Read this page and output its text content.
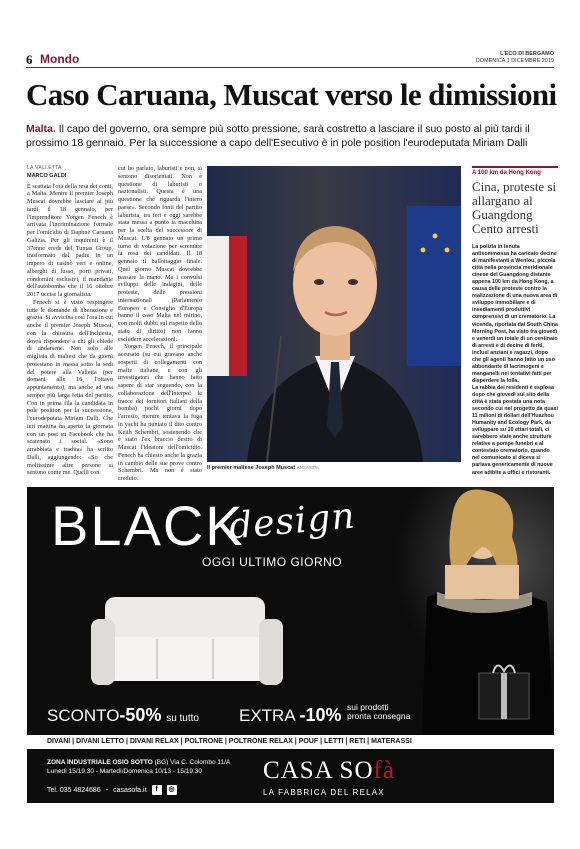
6 Mondo	L'ECO DI BERGAMO
DOMENICA 1 DICEMBRE 2019
Caso Caruana, Muscat verso le dimissioni
Malta. Il capo del governo, ora sempre più sotto pressione, sarà costretto a lasciare il suo posto al più tardi il prossimo 18 gennaio. Per la successione a capo dell'Esecutivo è in pole position l'eurodeputata Miriam Dalli
LA VALLETTA
MARCO GALDI

È scattata l'ora della resa dei conti, a Malta. Mentre il premier Joseph Muscat dovrebbe lasciare al più tardi il 18 gennaio, per l'imprenditore Yorgen Fenech è arrivata l'incriminazione formale per l'omicidio di Daphne Caruana Galizia. Per gli inquirenti è il 37enne erede del Tumas Group, trasformato dal padre in un impero di casinò veri e online, alberghi di lusso, porti privati, condomini esclusivi, il mandante dell'autobomba che il 16 ottobre 2017 uccise la giornalista.

Fenech si è visto respingere tutte le domande di liberazione e grazia. Si avvicina così l'ora in cui anche il premier Joseph Muscat, con la chiusura dell'inchiesta, dovrà rispondere a chi gli chiede di andarsene. Non solo alle migliaia di maltesi che da giorni protestano in massa sotto la sedi del potere alla Valletta (per domani alle 16, l'ottavo appuntamento), ma anche ad una sempre più larga fetta del partito. Con in prima fila la candidata in pole position per la successione, l'eurodeputata Miriam Dalli. Che ieri mattina ha aperto la giornata con un post su Facebook che ha scatenato i social. «Sono arrabbiata e tradita» ha scritto Dalli, aggiungendo: «So che moltissime altre persone si sentono come me. Quelli con

cui ho parlato, laburisti e non, si sentono disorientati. Non è questione di laburisti o nazionalisti. Questa è una questione che riguarda l'intero paese». Secondo fonti del partito laburista, tra ieri e oggi sarebbe stata messa a punto la macchina per la scelta del successore di Muscat. L'8 gennaio un primo turno di votazione per scremare la rosa dei candidati. Il 18 gennaio il ballottaggio finale. Quel giorno Muscat dovrebbe passare la mano. Ma i convulsi sviluppi delle indagini, delle proteste, delle pressioni internazionali (Parlamento Europeo e Consiglio d'Europa hanno il caso Malta nel mirino, con molti dubbi sul rispetto dello stato di diritto) non fanno escludere accelerazioni.

Yorgen Fenech, il principale accusato (su cui gravano anche sospetti di collegamenti con mafie italiane, e con gli investigatori che hanno fatto sapere di star seguendo, con la collaborazione dell'Interpol le tracce dei fornitori italiani della bomba) pochi giorni dopo l'arresto, mentre tentava la fuga in yacht ha puntato il dito contro Keith Schembri, sostenendo che è stato l'ex braccio destro di Muscat l'ideatore dell'omicidio. Fenech ha chiesto anche la grazia in cambio delle sue prove contro Schembri. Ma non è stato creduto.

Il premier maltese Joseph Muscat ANSA/EPA
A 100 km da Hong Kong
Cina, proteste si allargano al Guangdong Cento arresti

La polizia in tenuta antisommossa ha caricato decine di manifestanti a Wenlou, piccola città nella provincia meridionale cinese del Guangdong distante appena 100 km da Hong Kong, a causa delle proteste contro la realizzazione di una nuova area di sviluppo immobiliare e di insediamenti produttivi comprensivi di un crematorio. La vicenda, riportata dal South China Morning Post, ha visto tra giovedì e venerdì un totale di un centinaio di arresti e di decine di feriti, inclusi anziani e ragazzi, dopo che gli agenti hanno fatto un uso abbondante di lacrimogeni e manganelli nei tentativi fatti per disperdere la folla.

La rabbia dei residenti è esplosa dopo che giovedì sul sito della città è stata postata una nota secondo cui nel progetto da quasi 11 milioni di dollari dell'Huazhou Humanity and Ecology Park, da sviluppare su 10 ettari totali, ci sarebbero state anche strutture relative a pompe funebri e al contestato crematorio, quando nel comunicato si diceva si parlava genericamente di nuove aree adibite a uffici e ristoranti.

BLACK
design
OGGI ULTIMO GIORNO
SCONTO-50% su tutto EXTRA -10% sui prodotti
pronta consegna
DIVANI | DIVANI LETTO | DIVANI RELAX | POLTRONE | POLTRONE RELAX | POUF | LETTI | RETI | MATERASSI
ZONA INDUSTRIALE OSIO SOTTO (BG) Via C. Colombo 11/A
Lunedì 15/19.30 - Martedì/Domenica 10/13 - 15/19.30
Tel. 035 4824686 - casasofa.it	f	◎
CASA SOfà
LA FABBRICA DEL RELAX
